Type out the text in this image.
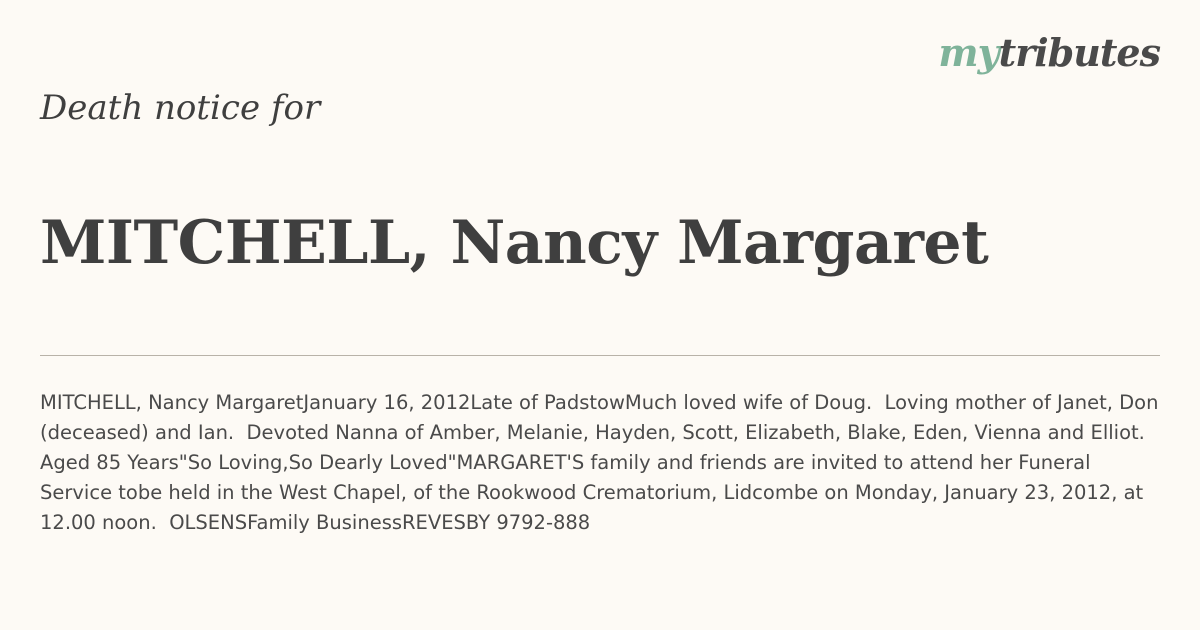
mytributes
Death notice for
MITCHELL, Nancy Margaret

MITCHELL, Nancy MargaretJanuary 16, 2012Late of PadstowMuch loved wife of Doug.  Loving mother of Janet, Don (deceased) and Ian.  Devoted Nanna of Amber, Melanie, Hayden, Scott, Elizabeth, Blake, Eden, Vienna and Elliot.  Aged 85 Years"So Loving,So Dearly Loved"MARGARET'S family and friends are invited to attend her Funeral Service tobe held in the West Chapel, of the Rookwood Crematorium, Lidcombe on Monday, January 23, 2012, at 12.00 noon.  OLSENSFamily BusinessREVESBY 9792-888
